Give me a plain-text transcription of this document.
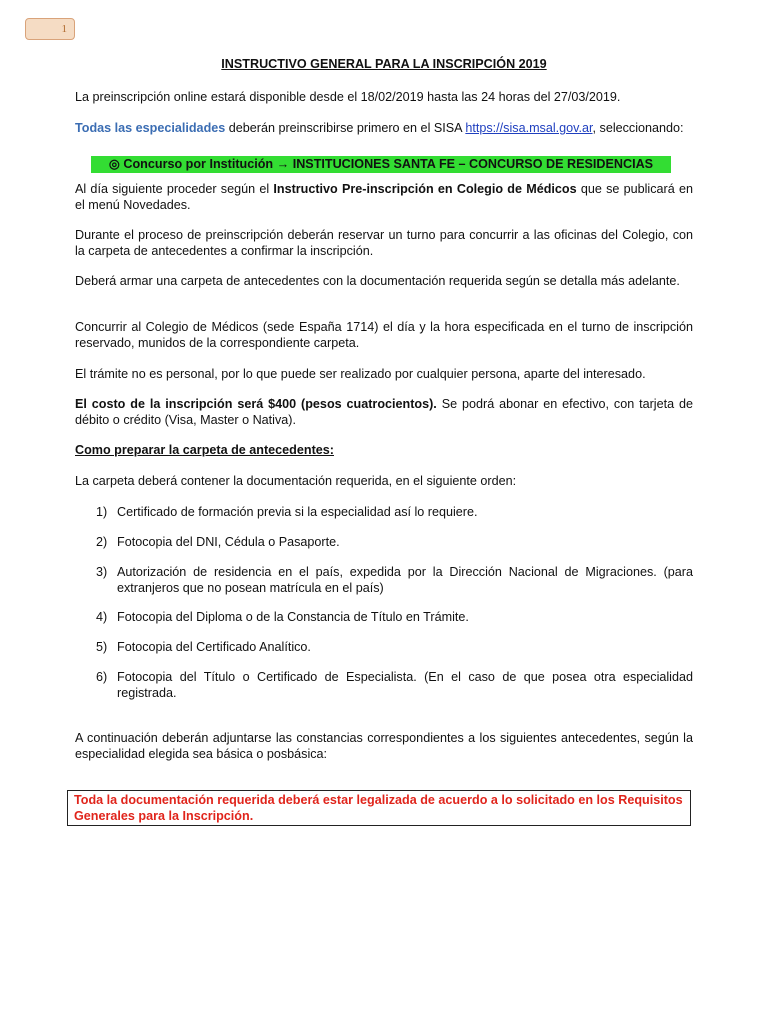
1
INSTRUCTIVO GENERAL PARA LA INSCRIPCIÓN 2019

La preinscripción online estará disponible desde el 18/02/2019 hasta las 24 horas del 27/03/2019.

Todas las especialidades deberán preinscribirse primero en el SISA https://sisa.msal.gov.ar, seleccionando:

◎ Concurso por Institución → INSTITUCIONES SANTA FE – CONCURSO DE RESIDENCIAS

Al día siguiente proceder según el Instructivo Pre-inscripción en Colegio de Médicos que se publicará en el menú Novedades.

Durante el proceso de preinscripción deberán reservar un turno para concurrir a las oficinas del Colegio, con la carpeta de antecedentes a confirmar la inscripción.

Deberá armar una carpeta de antecedentes con la documentación requerida según se detalla más adelante.

Concurrir al Colegio de Médicos (sede España 1714) el día y la hora especificada en el turno de inscripción reservado, munidos de la correspondiente carpeta.

El trámite no es personal, por lo que puede ser realizado por cualquier persona, aparte del interesado.

El costo de la inscripción será $400 (pesos cuatrocientos). Se podrá abonar en efectivo, con tarjeta de débito o crédito (Visa, Master o Nativa).

Como preparar la carpeta de antecedentes:

La carpeta deberá contener la documentación requerida, en el siguiente orden:

1) Certificado de formación previa si la especialidad así lo requiere.
2) Fotocopia del DNI, Cédula o Pasaporte.
3) Autorización de residencia en el país, expedida por la Dirección Nacional de Migraciones. (para extranjeros que no posean matrícula en el país)
4) Fotocopia del Diploma o de la Constancia de Título en Trámite.
5) Fotocopia del Certificado Analítico.
6) Fotocopia del Título o Certificado de Especialista. (En el caso de que posea otra especialidad registrada.

A continuación deberán adjuntarse las constancias correspondientes a los siguientes antecedentes, según la especialidad elegida sea básica o posbásica:

Toda la documentación requerida deberá estar legalizada de acuerdo a lo solicitado en los Requisitos Generales para la Inscripción.
